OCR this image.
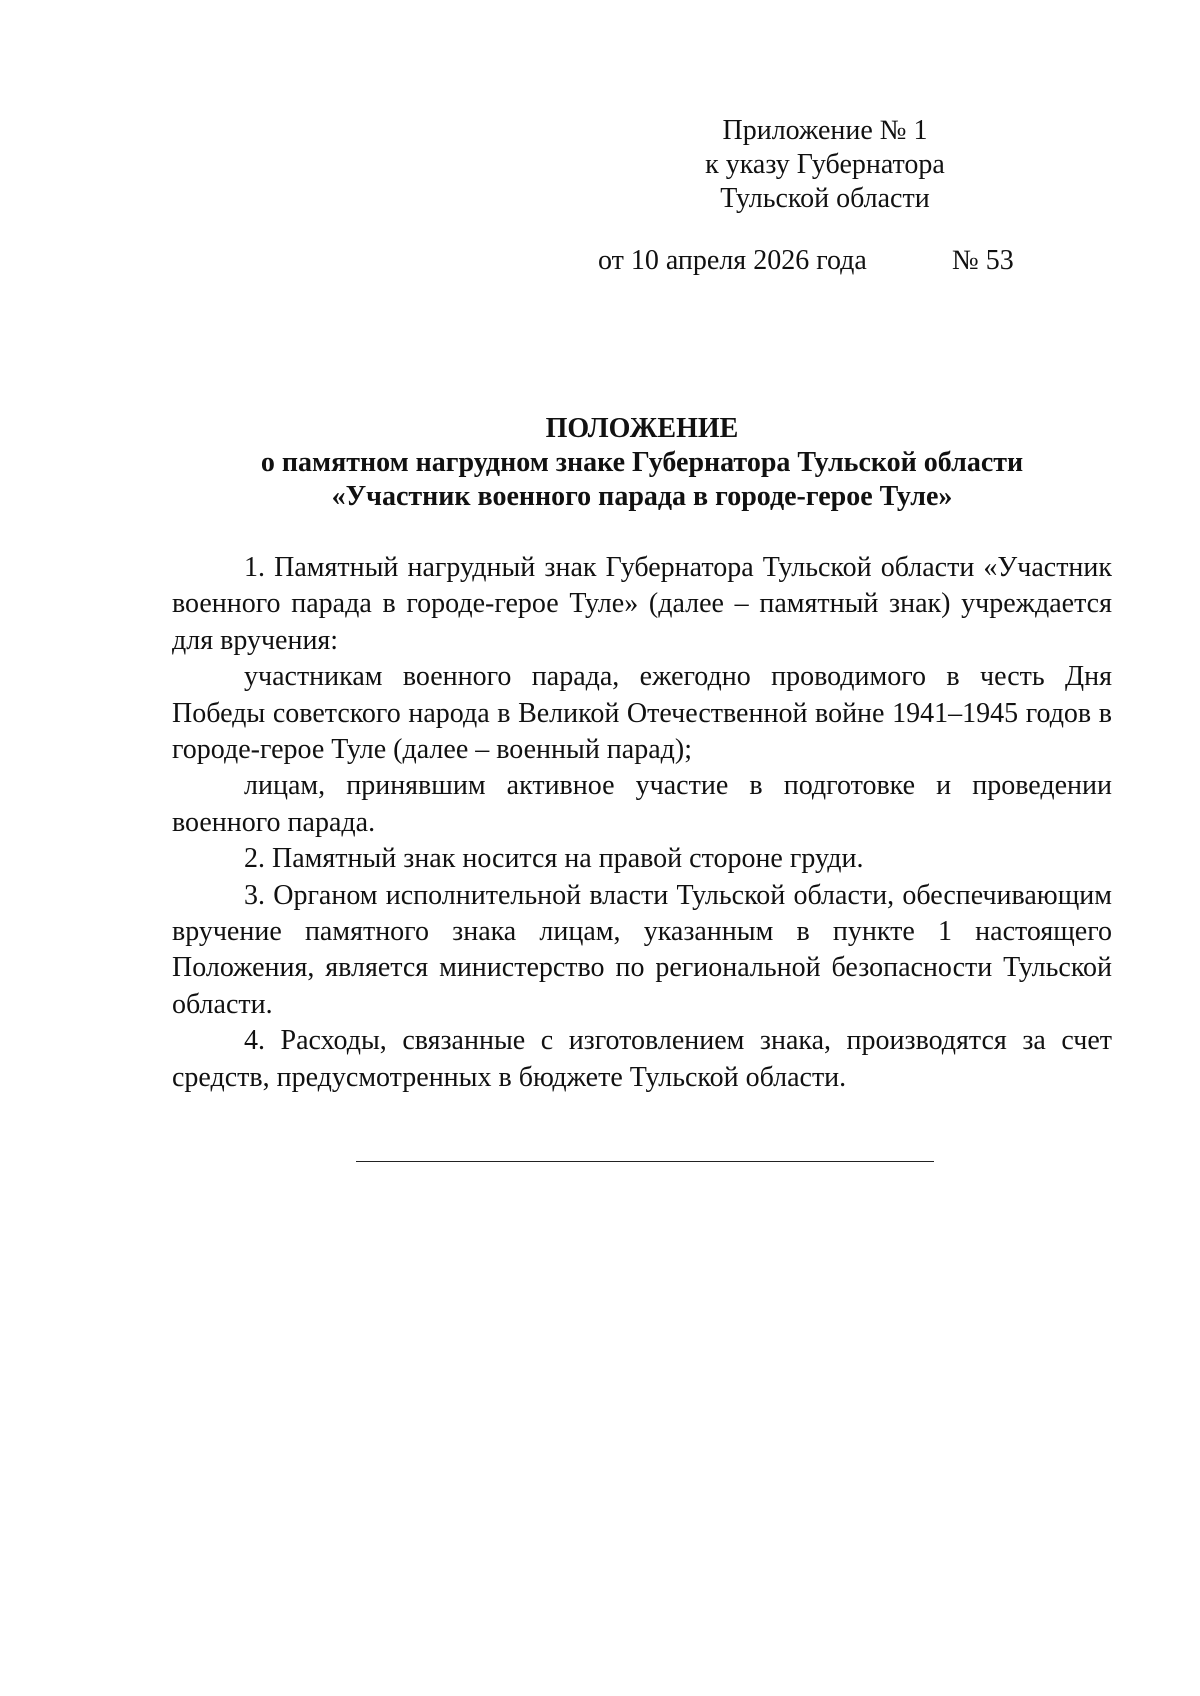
Приложение № 1
к указу Губернатора
Тульской области
от 10 апреля 2026 года	№ 53
ПОЛОЖЕНИЕ
о памятном нагрудном знаке Губернатора Тульской области
«Участник военного парада в городе-герое Туле»

1. Памятный нагрудный знак Губернатора Тульской области «Участник военного парада в городе-герое Туле» (далее – памятный знак) учреждается для вручения:

участникам военного парада, ежегодно проводимого в честь Дня Победы советского народа в Великой Отечественной войне 1941–1945 годов в городе-герое Туле (далее – военный парад);

лицам, принявшим активное участие в подготовке и проведении военного парада.

2. Памятный знак носится на правой стороне груди.

3. Органом исполнительной власти Тульской области, обеспечивающим вручение памятного знака лицам, указанным в пункте 1 настоящего Положения, является министерство по региональной безопасности Тульской области.

4. Расходы, связанные с изготовлением знака, производятся за счет средств, предусмотренных в бюджете Тульской области.
